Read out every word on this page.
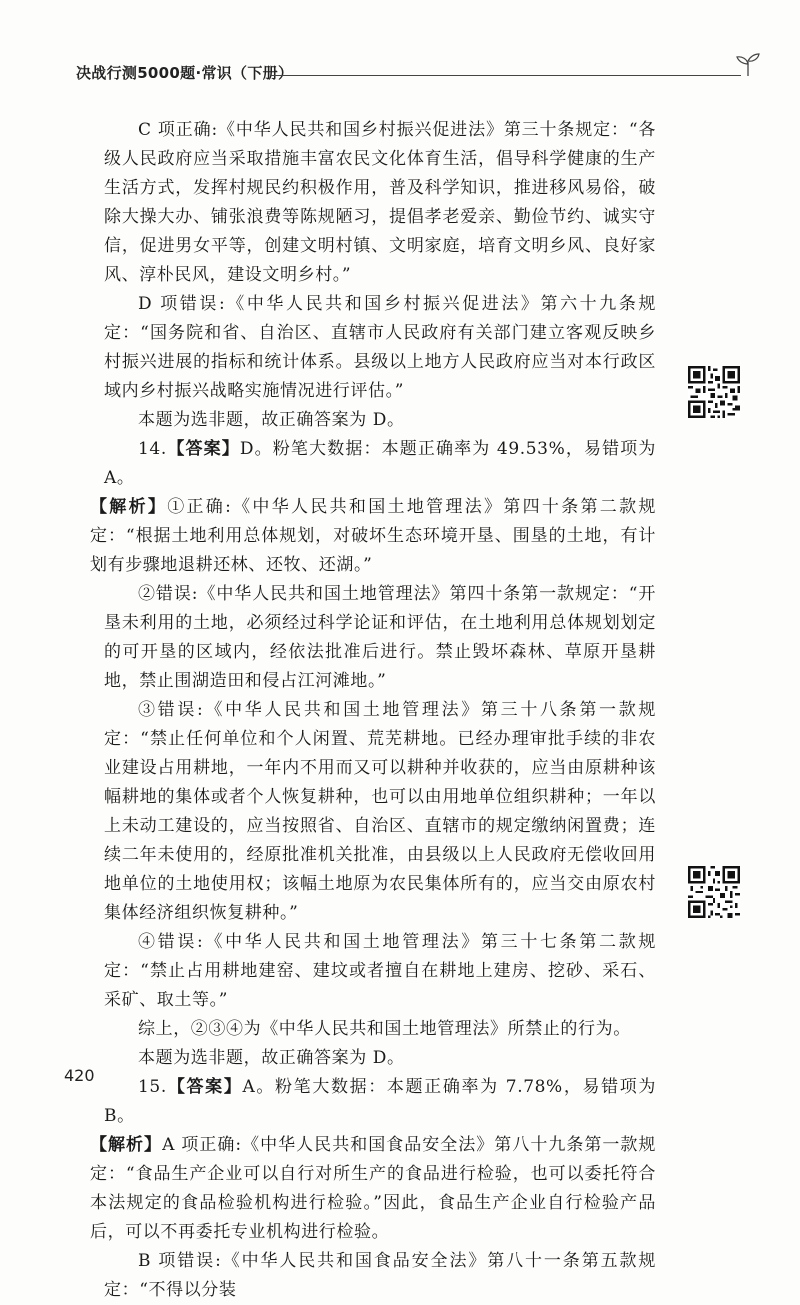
决战行测5000题·常识（下册）

C 项正确:《中华人民共和国乡村振兴促进法》第三十条规定：“各级人民政府应当采取措施丰富农民文化体育生活，倡导科学健康的生产生活方式，发挥村规民约积极作用，普及科学知识，推进移风易俗，破除大操大办、铺张浪费等陈规陋习，提倡孝老爱亲、勤俭节约、诚实守信，促进男女平等，创建文明村镇、文明家庭，培育文明乡风、良好家风、淳朴民风，建设文明乡村。”

D 项错误:《中华人民共和国乡村振兴促进法》第六十九条规定：“国务院和省、自治区、直辖市人民政府有关部门建立客观反映乡村振兴进展的指标和统计体系。县级以上地方人民政府应当对本行政区域内乡村振兴战略实施情况进行评估。”

本题为选非题，故正确答案为 D。

14.【答案】D。粉笔大数据：本题正确率为 49.53%，易错项为 A。

【解析】①正确:《中华人民共和国土地管理法》第四十条第二款规定：“根据土地利用总体规划，对破坏生态环境开垦、围垦的土地，有计划有步骤地退耕还林、还牧、还湖。”

②错误:《中华人民共和国土地管理法》第四十条第一款规定：“开垦未利用的土地，必须经过科学论证和评估，在土地利用总体规划划定的可开垦的区域内，经依法批准后进行。禁止毁坏森林、草原开垦耕地，禁止围湖造田和侵占江河滩地。”

③错误:《中华人民共和国土地管理法》第三十八条第一款规定：“禁止任何单位和个人闲置、荒芜耕地。已经办理审批手续的非农业建设占用耕地，一年内不用而又可以耕种并收获的，应当由原耕种该幅耕地的集体或者个人恢复耕种，也可以由用地单位组织耕种；一年以上未动工建设的，应当按照省、自治区、直辖市的规定缴纳闲置费；连续二年未使用的，经原批准机关批准，由县级以上人民政府无偿收回用地单位的土地使用权；该幅土地原为农民集体所有的，应当交由原农村集体经济组织恢复耕种。”

④错误:《中华人民共和国土地管理法》第三十七条第二款规定：“禁止占用耕地建窑、建坟或者擅自在耕地上建房、挖砂、采石、采矿、取土等。”

综上，②③④为《中华人民共和国土地管理法》所禁止的行为。

本题为选非题，故正确答案为 D。

15.【答案】A。粉笔大数据：本题正确率为 7.78%，易错项为 B。

【解析】A 项正确:《中华人民共和国食品安全法》第八十九条第一款规定：“食品生产企业可以自行对所生产的食品进行检验，也可以委托符合本法规定的食品检验机构进行检验。”因此，食品生产企业自行检验产品后，可以不再委托专业机构进行检验。

B 项错误:《中华人民共和国食品安全法》第八十一条第五款规定：“不得以分装

420
